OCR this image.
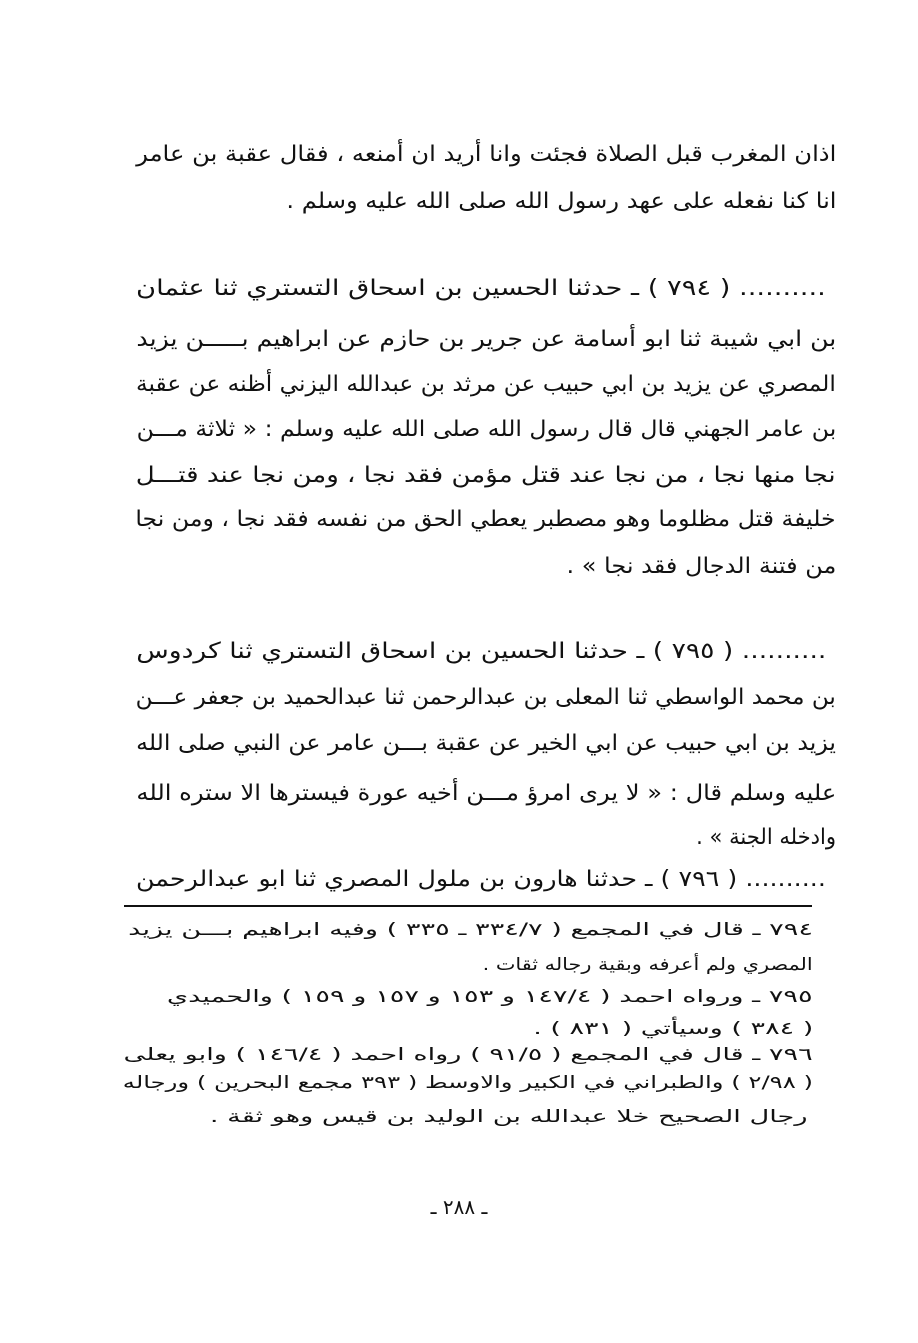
اذان المغرب قبل الصلاة فجئت وانا أريد ان أمنعه ، فقال عقبة بن عامر
انا كنا نفعله على عهد رسول الله صلى الله عليه وسلم .
.......... ( ٧٩٤ ) ـ حدثنا الحسين بن اسحاق التستري ثنا عثمان
بن ابي شيبة ثنا ابو أسامة عن جرير بن حازم عن ابراهيم بـــــن يزيد
المصري عن يزيد بن ابي حبيب عن مرثد بن عبدالله اليزني أظنه عن عقبة
بن عامر الجهني قال قال رسول الله صلى الله عليه وسلم : « ثلاثة مـــن
نجا منها نجا ، من نجا عند قتل مؤمن فقد نجا ، ومن نجا عند قتـــل
خليفة قتل مظلوما وهو مصطبر يعطي الحق من نفسه فقد نجا ، ومن نجا
من فتنة الدجال فقد نجا » .
.......... ( ٧٩٥ ) ـ حدثنا الحسين بن اسحاق التستري ثنا كردوس
بن محمد الواسطي ثنا المعلى بن عبدالرحمن ثنا عبدالحميد بن جعفر عـــن
يزيد بن ابي حبيب عن ابي الخير عن عقبة بـــن عامر عن النبي صلى الله
عليه وسلم قال : « لا يرى امرؤ مـــن أخيه عورة فيسترها الا ستره الله
وادخله الجنة » .
.......... ( ٧٩٦ ) ـ حدثنا هارون بن ملول المصري ثنا ابو عبدالرحمن
٧٩٤ ـ قال في المجمع ( ٣٣٤/٧ ـ ٣٣٥ ) وفيه ابراهيم بـــن يزيد
المصري ولم أعرفه وبقية رجاله ثقات .
٧٩٥ ـ ورواه احمد ( ١٤٧/٤ و ١٥٣ و ١٥٧ و ١٥٩ ) والحميدي
( ٣٨٤ ) وسيأتي ( ٨٣١ ) .
٧٩٦ ـ قال في المجمع ( ٩١/٥ ) رواه احمد ( ١٤٦/٤ ) وابو يعلى
( ٢/٩٨ ) والطبراني في الكبير والاوسط ( ٣٩٣ مجمع البحرين ) ورجاله
رجال الصحيح خلا عبدالله بن الوليد بن قيس وهو ثقة .
ـ ٢٨٨ ـ
